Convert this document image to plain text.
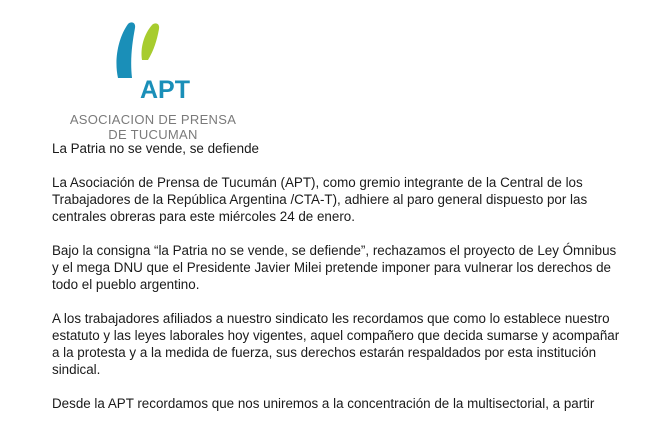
APT
ASOCIACION DE PRENSA
DE TUCUMAN

La Patria no se vende, se defiende

La Asociación de Prensa de Tucumán (APT), como gremio integrante de la Central de los Trabajadores de la República Argentina /CTA-T), adhiere al paro general dispuesto por las centrales obreras para este miércoles 24 de enero.

Bajo la consigna “la Patria no se vende, se defiende”, rechazamos el proyecto de Ley Ómnibus y el mega DNU que el Presidente Javier Milei pretende imponer para vulnerar los derechos de todo el pueblo argentino.

A los trabajadores afiliados a nuestro sindicato les recordamos que como lo establece nuestro estatuto y las leyes laborales hoy vigentes, aquel compañero que decida sumarse y acompañar a la protesta y a la medida de fuerza, sus derechos estarán respaldados por esta institución sindical.

Desde la APT recordamos que nos uniremos a la concentración de la multisectorial, a partir
